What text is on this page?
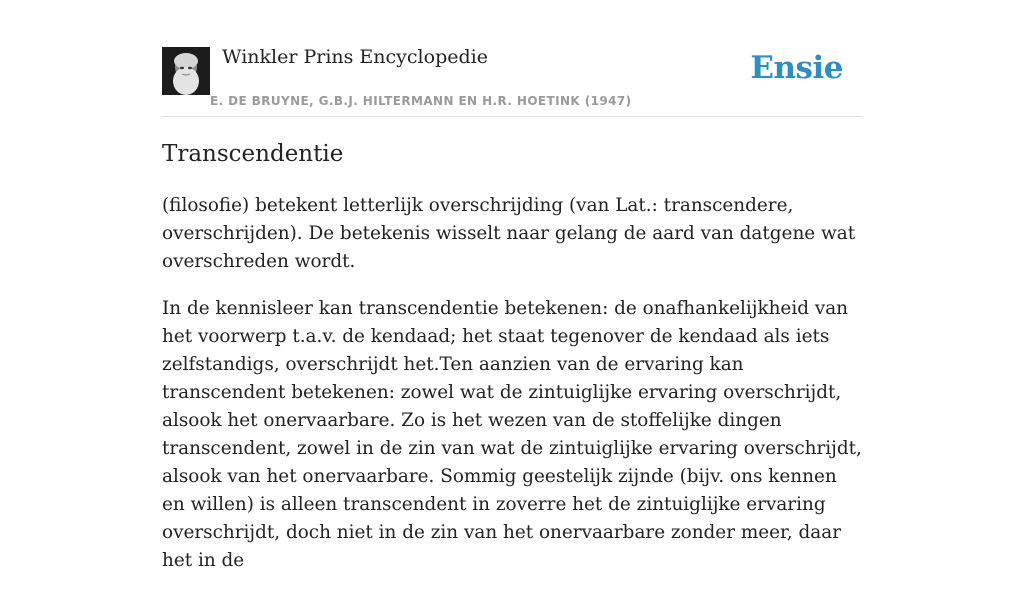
Winkler Prins Encyclopedie
E. DE BRUYNE, G.B.J. HILTERMANN EN H.R. HOETINK (1947)
Ensie
Transcendentie

(filosofie) betekent letterlijk overschrijding (van Lat.: transcendere, overschrijden). De betekenis wisselt naar gelang de aard van datgene wat overschreden wordt.

In de kennisleer kan transcendentie betekenen: de onafhankelijkheid van het voorwerp t.a.v. de kendaad; het staat tegenover de kendaad als iets zelfstandigs, overschrijdt het.Ten aanzien van de ervaring kan transcendent betekenen: zowel wat de zintuiglijke ervaring overschrijdt, alsook het onervaarbare. Zo is het wezen van de stoffelijke dingen transcendent, zowel in de zin van wat de zintuiglijke ervaring overschrijdt, alsook van het onervaarbare. Sommig geestelijk zijnde (bijv. ons kennen en willen) is alleen transcendent in zoverre het de zintuiglijke ervaring overschrijdt, doch niet in de zin van het onervaarbare zonder meer, daar het in de
